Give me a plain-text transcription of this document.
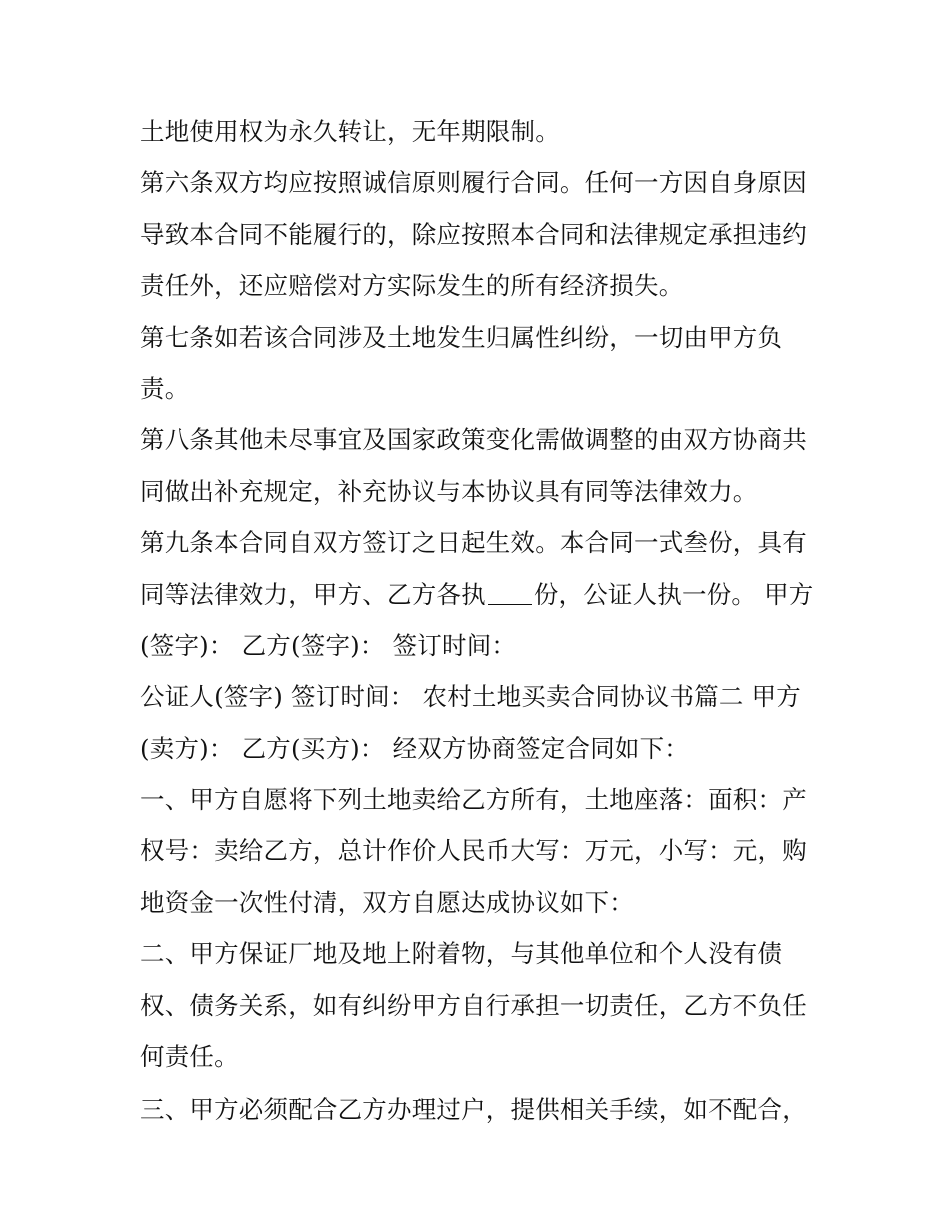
土地使用权为永久转让，无年期限制。
第六条双方均应按照诚信原则履行合同。任何一方因自身原因
导致本合同不能履行的，除应按照本合同和法律规定承担违约
责任外，还应赔偿对方实际发生的所有经济损失。
第七条如若该合同涉及土地发生归属性纠纷，一切由甲方负
责。
第八条其他未尽事宜及国家政策变化需做调整的由双方协商共
同做出补充规定，补充协议与本协议具有同等法律效力。
第九条本合同自双方签订之日起生效。本合同一式叁份，具有
同等法律效力，甲方、乙方各执 份，公证人执一份。 甲方
(签字)： 乙方(签字)： 签订时间：
公证人(签字) 签订时间： 农村土地买卖合同协议书篇二 甲方
(卖方)： 乙方(买方)： 经双方协商签定合同如下：
一、甲方自愿将下列土地卖给乙方所有，土地座落：面积：产
权号：卖给乙方，总计作价人民币大写：万元，小写：元，购
地资金一次性付清，双方自愿达成协议如下：
二、甲方保证厂地及地上附着物，与其他单位和个人没有债
权、债务关系，如有纠纷甲方自行承担一切责任，乙方不负任
何责任。
三、甲方必须配合乙方办理过户，提供相关手续，如不配合，
